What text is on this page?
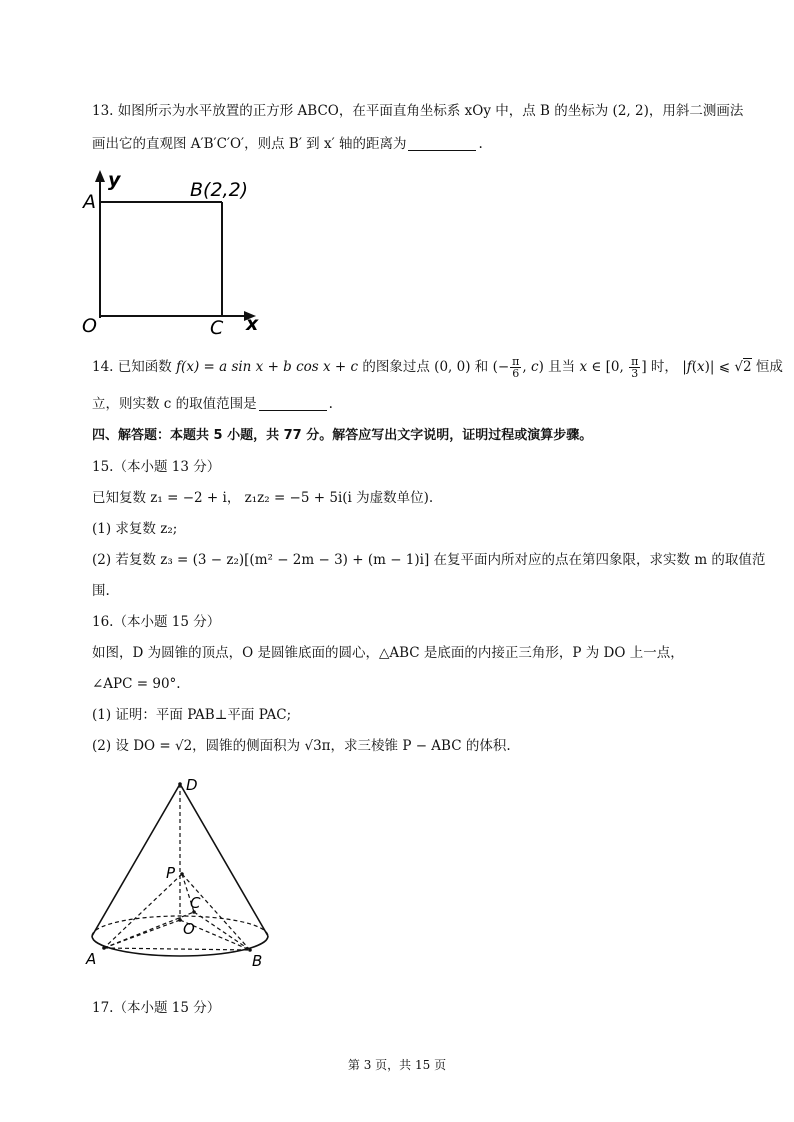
13. 如图所示为水平放置的正方形 ABCO，在平面直角坐标系 xOy 中，点 B 的坐标为 (2, 2)，用斜二测画法
画出它的直观图 A′B′C′O′，则点 B′ 到 x′ 轴的距离为	.
y
A
B(2,2)
O	C x
14. 已知函数 f(x) = a sin x + b cos x + c 的图象过点 (0, 0) 和 (− $\frac{\pi}{6}$ , c) 且当 x ∈ [0, $\frac{\pi}{3}$ ] 时， |f(x)| ⩽ √2 恒成
立，则实数 c 的取值范围是	.
四、解答题：本题共 5 小题，共 77 分。解答应写出文字说明，证明过程或演算步骤。
15.（本小题 13 分）
已知复数 z₁ = −2 + i， z₁z₂ = −5 + 5i(i 为虚数单位).
(1) 求复数 z₂;
(2) 若复数 z₃ = (3 − z₂)[(m² − 2m − 3) + (m − 1)i] 在复平面内所对应的点在第四象限，求实数 m 的取值范
围.
16.（本小题 15 分）
如图，D 为圆锥的顶点，O 是圆锥底面的圆心，△ABC 是底面的内接正三角形，P 为 DO 上一点，
∠APC = 90°.
(1) 证明：平面 PAB⊥平面 PAC;
(2) 设 DO = √2，圆锥的侧面积为 √3π，求三棱锥 P − ABC 的体积.
D
P
C
O
A	B
17.（本小题 15 分）
第 3 页，共 15 页
